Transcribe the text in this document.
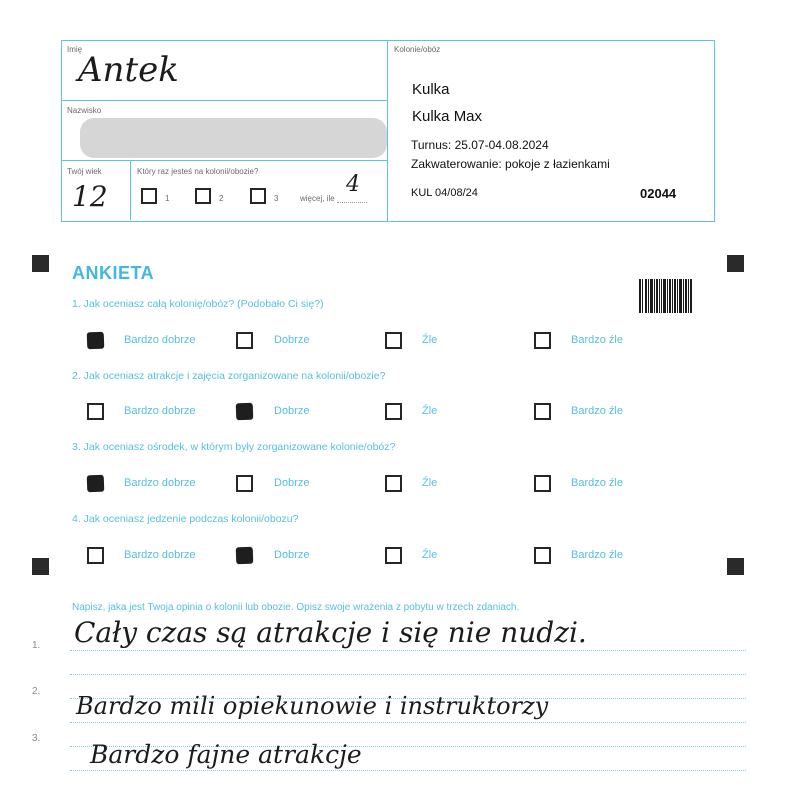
Imię
Antek
Nazwisko
Twój wiek
12
Który raz jesteś na kolonii/obozie?
1	2	3	więcej, ile
4
Kolonie/obóz
Kulka
Kulka Max
Turnus: 25.07-04.08.2024
Zakwaterowanie: pokoje z łazienkami
KUL 04/08/24	02044
ANKIETA
1. Jak oceniasz całą kolonię/obóz? (Podobało Ci się?)
2. Jak oceniasz atrakcje i zajęcia zorganizowane na kolonii/obozie?
3. Jak oceniasz ośrodek, w którym były zorganizowane kolonie/obóz?
4. Jak oceniasz jedzenie podczas kolonii/obozu?
Bardzo dobrze	Dobrze	Źle	Bardzo źle
Bardzo dobrze	Dobrze	Źle	Bardzo źle
Bardzo dobrze	Dobrze	Źle	Bardzo źle
Bardzo dobrze	Dobrze	Źle	Bardzo źle
Napisz, jaka jest Twoja opinia o kolonii lub obozie. Opisz swoje wrażenia z pobytu w trzech zdaniach.
1.
2.
3.
Cały czas są atrakcje i się nie nudzi.
Bardzo mili opiekunowie i instruktorzy
Bardzo fajne atrakcje
